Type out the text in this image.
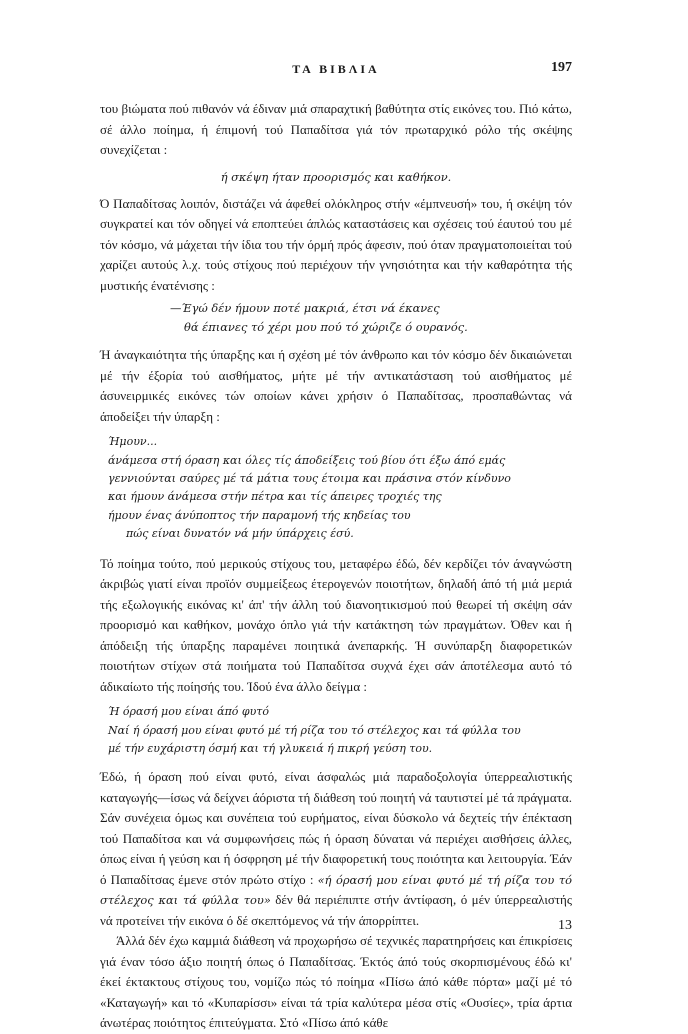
ΤΑ ΒΙΒΛΙΑ	197

του βιώματα πού πιθανόν νά έδιναν μιά σπαραχτική βαθύτητα στίς εικόνες του. Πιό κάτω, σέ άλλο ποίημα, ή έπιμονή τού Παπαδίτσα γιά τόν πρωταρχικό ρόλο τής σκέψης συνεχίζεται :

ή σκέψη ήταν προορισμός και καθήκον.

Ό Παπαδίτσας λοιπόν, διστάζει νά άφεθεί ολόκληρος στήν «έμπνευσή» του, ή σκέψη τόν συγκρατεί και τόν οδηγεί νά εποπτεύει άπλώς καταστάσεις και σχέσεις τού έαυτού του μέ τόν κόσμο, νά μάχεται τήν ίδια του τήν όρμή πρός άφεσιν, πού όταν πραγματοποιείται τού χαρίζει αυτούς λ.χ. τούς στίχους πού περιέχουν τήν γνησιότητα και τήν καθαρότητα τής μυστικής ένατένισης :

—Έγώ δέν ήμουν ποτέ μακριά, έτσι νά έκανες
θά έπιανες τό χέρι μου πού τό χώριζε ό ουρανός.

Ή άναγκαιότητα τής ύπαρξης και ή σχέση μέ τόν άνθρωπο και τόν κόσμο δέν δικαιώνεται μέ τήν έξορία τού αισθήματος, μήτε μέ τήν αντικατάσταση τού αισθήματος μέ άσυνειρμικές εικόνες τών οποίων κάνει χρήσιν ό Παπαδίτσας, προσπαθώντας νά άποδείξει τήν ύπαρξη :

Ήμουν...
άνάμεσα στή όραση και όλες τίς άποδείξεις τού βίου ότι έξω άπό εμάς
γεννιούνται σαύρες μέ τά μάτια τους έτοιμα και πράσινα στόν κίνδυνο
και ήμουν άνάμεσα στήν πέτρα και τίς άπειρες τροχιές της
ήμουν ένας άνύποπτος τήν παραμονή τής κηδείας του
πώς είναι δυνατόν νά μήν ύπάρχεις έσύ.

Τό ποίημα τούτο, πού μερικούς στίχους του, μεταφέρω έδώ, δέν κερδίζει τόν άναγνώστη άκριβώς γιατί είναι προϊόν συμμείξεως έτερογενών ποιοτήτων, δηλαδή άπό τή μιά μεριά τής εξωλογικής εικόνας κι' άπ' τήν άλλη τού διανοητικισμού πού θεωρεί τή σκέψη σάν προορισμό και καθήκον, μονάχο όπλο γιά τήν κατάκτηση τών πραγμάτων. Όθεν και ή άπόδειξη τής ύπαρξης παραμένει ποιητικά άνεπαρκής. Ή συνύπαρξη διαφορετικών ποιοτήτων στίχων στά ποιήματα τού Παπαδίτσα συχνά έχει σάν άποτέλεσμα αυτό τό άδικαίωτο τής ποίησής του. Ίδού ένα άλλο δείγμα :

Ή όρασή μου είναι άπό φυτό
Ναί ή όρασή μου είναι φυτό μέ τή ρίζα του τό στέλεχος και τά φύλλα του
μέ τήν ευχάριστη όσμή και τή γλυκειά ή πικρή γεύση του.

Έδώ, ή όραση πού είναι φυτό, είναι άσφαλώς μιά παραδοξολογία ύπερρεαλιστικής καταγωγής—ίσως νά δείχνει άόριστα τή διάθεση τού ποιητή νά ταυτιστεί μέ τά πράγματα. Σάν συνέχεια όμως και συνέπεια τού ευρήματος, είναι δύσκολο νά δεχτείς τήν έπέκταση τού Παπαδίτσα και νά συμφωνήσεις πώς ή όραση δύναται νά περιέχει αισθήσεις άλλες, όπως είναι ή γεύση και ή όσφρηση μέ τήν διαφορετική τους ποιότητα και λειτουργία. Έάν ό Παπαδίτσας έμενε στόν πρώτο στίχο : «ή όρασή μου είναι φυτό μέ τή ρίζα του τό στέλεχος και τά φύλλα του» δέν θά περιέπιπτε στήν άντίφαση, ό μέν ύπερρεαλιστής νά προτείνει τήν εικόνα ό δέ σκεπτόμενος νά τήν άπορρίπτει.

Άλλά δέν έχω καμμιά διάθεση νά προχωρήσω σέ τεχνικές παρατηρήσεις και έπικρίσεις γιά έναν τόσο άξιο ποιητή όπως ό Παπαδίτσας. Έκτός άπό τούς σκορπισμένους έδώ κι' έκεί έκτακτους στίχους του, νομίζω πώς τό ποίημα «Πίσω άπό κάθε πόρτα» μαζί μέ τό «Καταγωγή» και τό «Κυπαρίσσι» είναι τά τρία καλύτερα μέσα στίς «Ουσίες», τρία άρτια άνωτέρας ποιότητος έπιτεύγματα. Στό «Πίσω άπό κάθε

13
